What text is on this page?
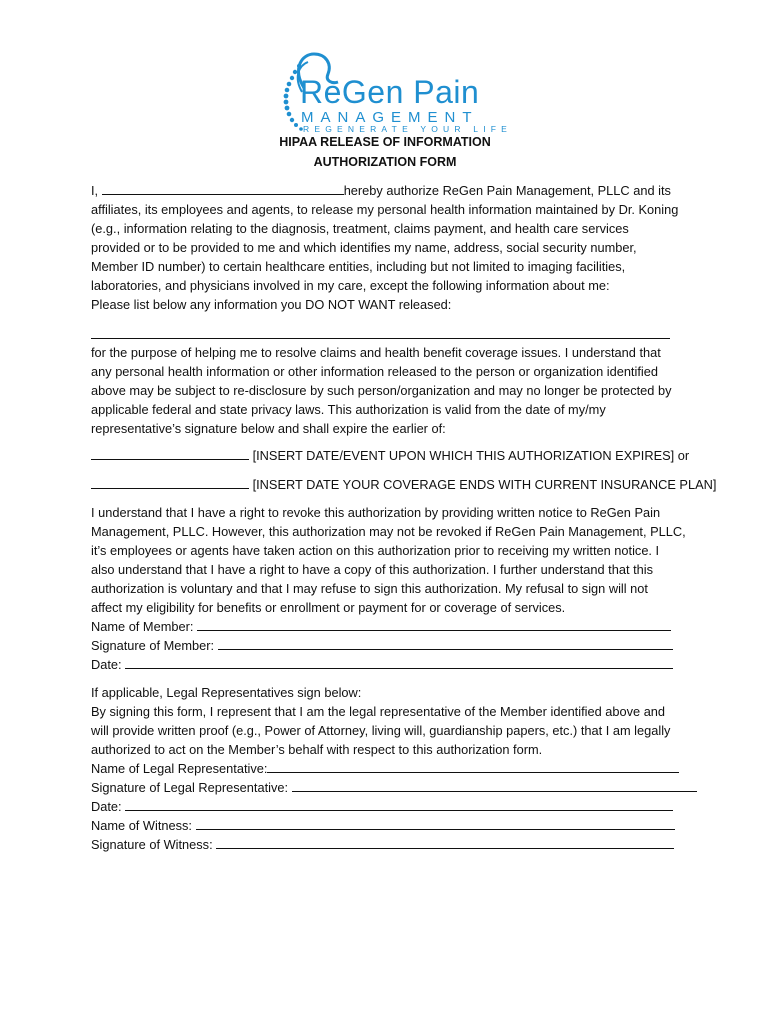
ReGen Pain
MANAGEMENT
REGENERATE YOUR LIFE
HIPAA RELEASE OF INFORMATION
AUTHORIZATION FORM
I,	hereby authorize ReGen Pain Management, PLLC and its
affiliates, its employees and agents, to release my personal health information maintained by Dr. Koning
(e.g., information relating to the diagnosis, treatment, claims payment, and health care services
provided or to be provided to me and which identifies my name, address, social security number,
Member ID number) to certain healthcare entities, including but not limited to imaging facilities,
laboratories, and physicians involved in my care, except the following information about me:
Please list below any information you DO NOT WANT released:
for the purpose of helping me to resolve claims and health benefit coverage issues. I understand that
any personal health information or other information released to the person or organization identified
above may be subject to re-disclosure by such person/organization and may no longer be protected by
applicable federal and state privacy laws. This authorization is valid from the date of my/my
representative’s signature below and shall expire the earlier of:
[INSERT DATE/EVENT UPON WHICH THIS AUTHORIZATION EXPIRES] or
[INSERT DATE YOUR COVERAGE ENDS WITH CURRENT INSURANCE PLAN]
I understand that I have a right to revoke this authorization by providing written notice to ReGen Pain
Management, PLLC. However, this authorization may not be revoked if ReGen Pain Management, PLLC,
it’s employees or agents have taken action on this authorization prior to receiving my written notice. I
also understand that I have a right to have a copy of this authorization. I further understand that this
authorization is voluntary and that I may refuse to sign this authorization. My refusal to sign will not
affect my eligibility for benefits or enrollment or payment for or coverage of services.
Name of Member:
Signature of Member:
Date:
If applicable, Legal Representatives sign below:
By signing this form, I represent that I am the legal representative of the Member identified above and
will provide written proof (e.g., Power of Attorney, living will, guardianship papers, etc.) that I am legally
authorized to act on the Member’s behalf with respect to this authorization form.
Name of Legal Representative:
Signature of Legal Representative:
Date:
Name of Witness:
Signature of Witness:
